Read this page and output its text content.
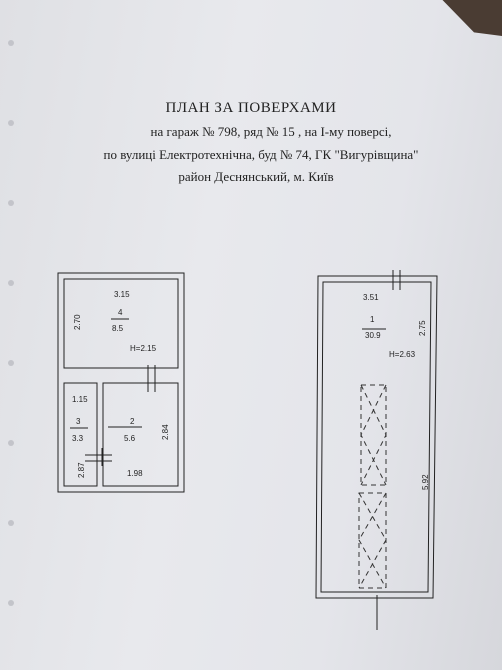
ПЛАН ЗА ПОВЕРХАМИ
на гараж № 798, ряд № 15 , на І-му поверсі,
по вулиці Електротехнічна, буд № 74, ГК "Вигурівщина"
район Деснянський, м. Київ
3.15
4
8.5
2.70
H=2.15
1.15
3
3.3
2.87
2
5.6	2.84
1.98
3.51
1
30.9	2.75
H=2.63
5.92
